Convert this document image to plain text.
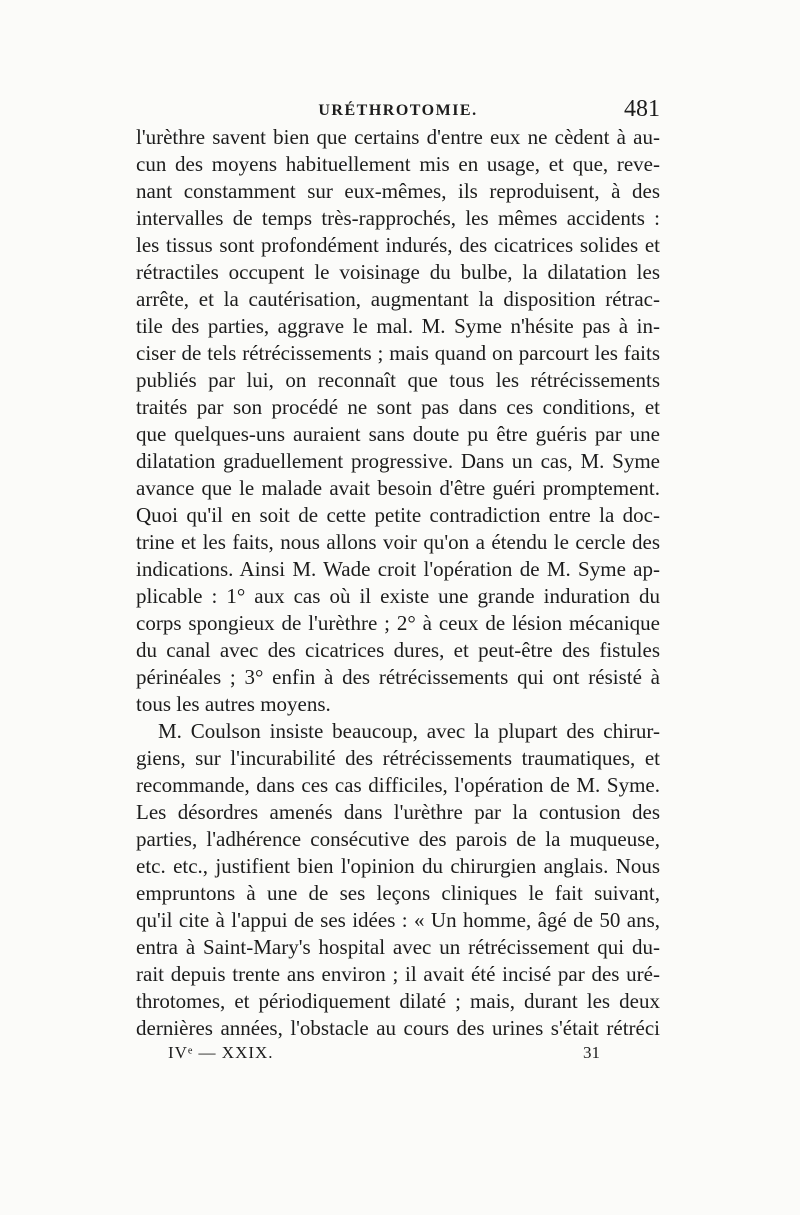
URÉTHROTOMIE.	481
l'urèthre savent bien que certains d'entre eux ne cèdent à au-
cun des moyens habituellement mis en usage, et que, reve-
nant constamment sur eux-mêmes, ils reproduisent, à des
intervalles de temps très-rapprochés, les mêmes accidents :
les tissus sont profondément indurés, des cicatrices solides et
rétractiles occupent le voisinage du bulbe, la dilatation les
arrête, et la cautérisation, augmentant la disposition rétrac-
tile des parties, aggrave le mal. M. Syme n'hésite pas à in-
ciser de tels rétrécissements ; mais quand on parcourt les faits
publiés par lui, on reconnaît que tous les rétrécissements
traités par son procédé ne sont pas dans ces conditions, et
que quelques-uns auraient sans doute pu être guéris par une
dilatation graduellement progressive. Dans un cas, M. Syme
avance que le malade avait besoin d'être guéri promptement.
Quoi qu'il en soit de cette petite contradiction entre la doc-
trine et les faits, nous allons voir qu'on a étendu le cercle des
indications. Ainsi M. Wade croit l'opération de M. Syme ap-
plicable : 1° aux cas où il existe une grande induration du
corps spongieux de l'urèthre ; 2° à ceux de lésion mécanique
du canal avec des cicatrices dures, et peut-être des fistules
périnéales ; 3° enfin à des rétrécissements qui ont résisté à
tous les autres moyens.
M. Coulson insiste beaucoup, avec la plupart des chirur-
giens, sur l'incurabilité des rétrécissements traumatiques, et
recommande, dans ces cas difficiles, l'opération de M. Syme.
Les désordres amenés dans l'urèthre par la contusion des
parties, l'adhérence consécutive des parois de la muqueuse,
etc. etc., justifient bien l'opinion du chirurgien anglais. Nous
empruntons à une de ses leçons cliniques le fait suivant,
qu'il cite à l'appui de ses idées : « Un homme, âgé de 50 ans,
entra à Saint-Mary's hospital avec un rétrécissement qui du-
rait depuis trente ans environ ; il avait été incisé par des uré-
throtomes, et périodiquement dilaté ; mais, durant les deux
dernières années, l'obstacle au cours des urines s'était rétréci
IVᵉ — XXIX.	31
